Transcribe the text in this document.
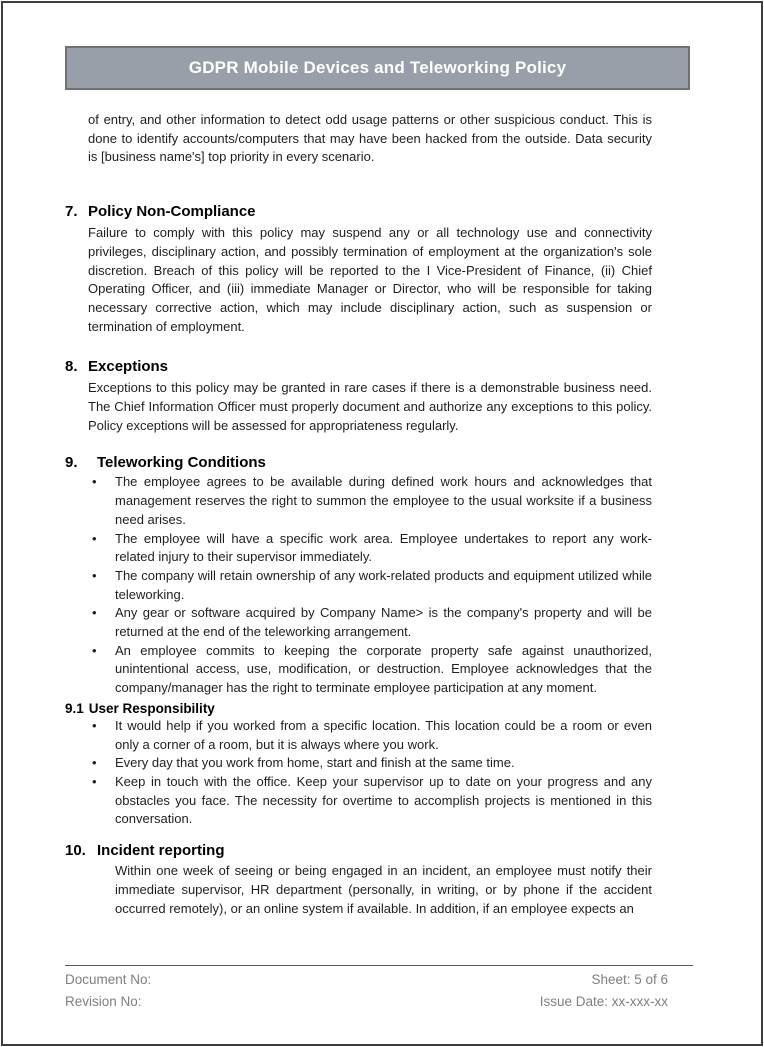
GDPR Mobile Devices and Teleworking Policy

of entry, and other information to detect odd usage patterns or other suspicious conduct. This is done to identify accounts/computers that may have been hacked from the outside. Data security is [business name's] top priority in every scenario.

7. Policy Non-Compliance

Failure to comply with this policy may suspend any or all technology use and connectivity privileges, disciplinary action, and possibly termination of employment at the organization's sole discretion. Breach of this policy will be reported to the I Vice-President of Finance, (ii) Chief Operating Officer, and (iii) immediate Manager or Director, who will be responsible for taking necessary corrective action, which may include disciplinary action, such as suspension or termination of employment.

8. Exceptions

Exceptions to this policy may be granted in rare cases if there is a demonstrable business need. The Chief Information Officer must properly document and authorize any exceptions to this policy. Policy exceptions will be assessed for appropriateness regularly.

9.	Teleworking Conditions
• The employee agrees to be available during defined work hours and acknowledges that management reserves the right to summon the employee to the usual worksite if a business need arises.
• The employee will have a specific work area. Employee undertakes to report any work-related injury to their supervisor immediately.
• The company will retain ownership of any work-related products and equipment utilized while teleworking.
• Any gear or software acquired by Company Name> is the company's property and will be returned at the end of the teleworking arrangement.
• An employee commits to keeping the corporate property safe against unauthorized, unintentional access, use, modification, or destruction. Employee acknowledges that the company/manager has the right to terminate employee participation at any moment.
9.1 User Responsibility
• It would help if you worked from a specific location. This location could be a room or even only a corner of a room, but it is always where you work.
• Every day that you work from home, start and finish at the same time.
• Keep in touch with the office. Keep your supervisor up to date on your progress and any obstacles you face. The necessity for overtime to accomplish projects is mentioned in this conversation.
10. Incident reporting

Within one week of seeing or being engaged in an incident, an employee must notify their immediate supervisor, HR department (personally, in writing, or by phone if the accident occurred remotely), or an online system if available. In addition, if an employee expects an

Document No:
Revision No:
Sheet: 5 of 6
Issue Date: xx-xxx-xx
